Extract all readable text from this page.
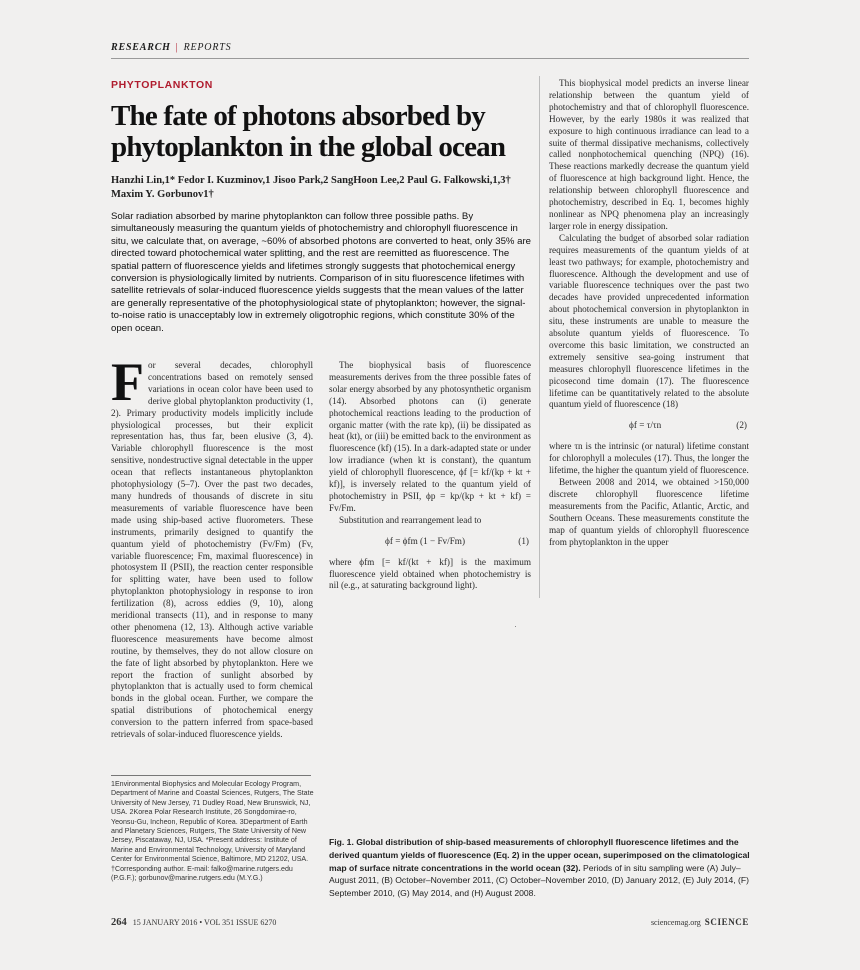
RESEARCH | REPORTS
PHYTOPLANKTON
The fate of photons absorbed by phytoplankton in the global ocean
Hanzhi Lin,1* Fedor I. Kuzminov,1 Jisoo Park,2 SangHoon Lee,2 Paul G. Falkowski,1,3† Maxim Y. Gorbunov1†
Solar radiation absorbed by marine phytoplankton can follow three possible paths. By simultaneously measuring the quantum yields of photochemistry and chlorophyll fluorescence in situ, we calculate that, on average, ~60% of absorbed photons are converted to heat, only 35% are directed toward photochemical water splitting, and the rest are reemitted as fluorescence. The spatial pattern of fluorescence yields and lifetimes strongly suggests that photochemical energy conversion is physiologically limited by nutrients. Comparison of in situ fluorescence lifetimes with satellite retrievals of solar-induced fluorescence yields suggests that the mean values of the latter are generally representative of the photophysiological state of phytoplankton; however, the signal-to-noise ratio is unacceptably low in extremely oligotrophic regions, which constitute 30% of the open ocean.

For several decades, chlorophyll concentrations based on remotely sensed variations in ocean color have been used to derive global phytoplankton productivity (1, 2). Primary productivity models implicitly include physiological processes, but their explicit representation has, thus far, been elusive (3, 4). Variable chlorophyll fluorescence is the most sensitive, nondestructive signal detectable in the upper ocean that reflects instantaneous phytoplankton photophysiology (5–7). Over the past two decades, many hundreds of thousands of discrete in situ measurements of variable fluorescence have been made using ship-based active fluorometers. These instruments, primarily designed to quantify the quantum yield of photochemistry (Fv/Fm) (Fv, variable fluorescence; Fm, maximal fluorescence) in photosystem II (PSII), the reaction center responsible for splitting water, have been used to follow phytoplankton photophysiology in response to iron fertilization (8), across eddies (9, 10), along meridional transects (11), and in response to many other phenomena (12, 13). Although active variable fluorescence measurements have become almost routine, by themselves, they do not allow closure on the fate of light absorbed by phytoplankton. Here we report the fraction of sunlight absorbed by phytoplankton that is actually used to form chemical bonds in the global ocean. Further, we compare the spatial distributions of photochemical energy conversion to the pattern inferred from space-based retrievals of solar-induced fluorescence yields.

The biophysical basis of fluorescence measurements derives from the three possible fates of solar energy absorbed by any photosynthetic organism (14). Absorbed photons can (i) generate photochemical reactions leading to the production of organic matter (with the rate kp), (ii) be dissipated as heat (kt), or (iii) be emitted back to the environment as fluorescence (kf) (15). In a dark-adapted state or under low irradiance (when kt is constant), the quantum yield of chlorophyll fluorescence, ϕf [= kf/(kp + kt + kf)], is inversely related to the quantum yield of photochemistry in PSII, ϕp = kp/(kp + kt + kf) = Fv/Fm.

Substitution and rearrangement lead to

ϕf = ϕfm (1 − Fv/Fm)	(1)

where ϕfm [= kf/(kt + kf)] is the maximum fluorescence yield obtained when photochemistry is nil (e.g., at saturating background light).

This biophysical model predicts an inverse linear relationship between the quantum yield of photochemistry and that of chlorophyll fluorescence. However, by the early 1980s it was realized that exposure to high continuous irradiance can lead to a suite of thermal dissipative mechanisms, collectively called nonphotochemical quenching (NPQ) (16). These reactions markedly decrease the quantum yield of fluorescence at high background light. Hence, the relationship between chlorophyll fluorescence and photochemistry, described in Eq. 1, becomes highly nonlinear as NPQ phenomena play an increasingly larger role in energy dissipation.

Calculating the budget of absorbed solar radiation requires measurements of the quantum yields of at least two pathways; for example, photochemistry and fluorescence. Although the development and use of variable fluorescence techniques over the past two decades have provided unprecedented information about photochemical conversion in phytoplankton in situ, these instruments are unable to measure the absolute quantum yields of fluorescence. To overcome this basic limitation, we constructed an extremely sensitive sea-going instrument that measures chlorophyll fluorescence lifetimes in the picosecond time domain (17). The fluorescence lifetime can be quantitatively related to the absolute quantum yield of fluorescence (18)

ϕf = τ/τn	(2)

where τn is the intrinsic (or natural) lifetime constant for chlorophyll a molecules (17). Thus, the longer the lifetime, the higher the quantum yield of fluorescence.

Between 2008 and 2014, we obtained >150,000 discrete chlorophyll fluorescence lifetime measurements from the Pacific, Atlantic, Arctic, and Southern Oceans. These measurements constitute the map of quantum yields of chlorophyll fluorescence from phytoplankton in the upper

1Environmental Biophysics and Molecular Ecology Program, Department of Marine and Coastal Sciences, Rutgers, The State University of New Jersey, 71 Dudley Road, New Brunswick, NJ, USA. 2Korea Polar Research Institute, 26 Songdomirae-ro, Yeonsu-Gu, Incheon, Republic of Korea. 3Department of Earth and Planetary Sciences, Rutgers, The State University of New Jersey, Piscataway, NJ, USA. *Present address: Institute of Marine and Environmental Technology, University of Maryland Center for Environmental Science, Baltimore, MD 21202, USA. †Corresponding author. E-mail: falko@marine.rutgers.edu (P.G.F.); gorbunov@marine.rutgers.edu (M.Y.G.)
Fig. 1. Global distribution of ship-based measurements of chlorophyll fluorescence lifetimes and the derived quantum yields of fluorescence (Eq. 2) in the upper ocean, superimposed on the climatological map of surface nitrate concentrations in the world ocean (32). Periods of in situ sampling were (A) July–August 2011, (B) October–November 2011, (C) October–November 2010, (D) January 2012, (E) July 2014, (F) September 2010, (G) May 2014, and (H) August 2008.
264 15 JANUARY 2016 • VOL 351 ISSUE 6270	sciencemag.org SCIENCE
